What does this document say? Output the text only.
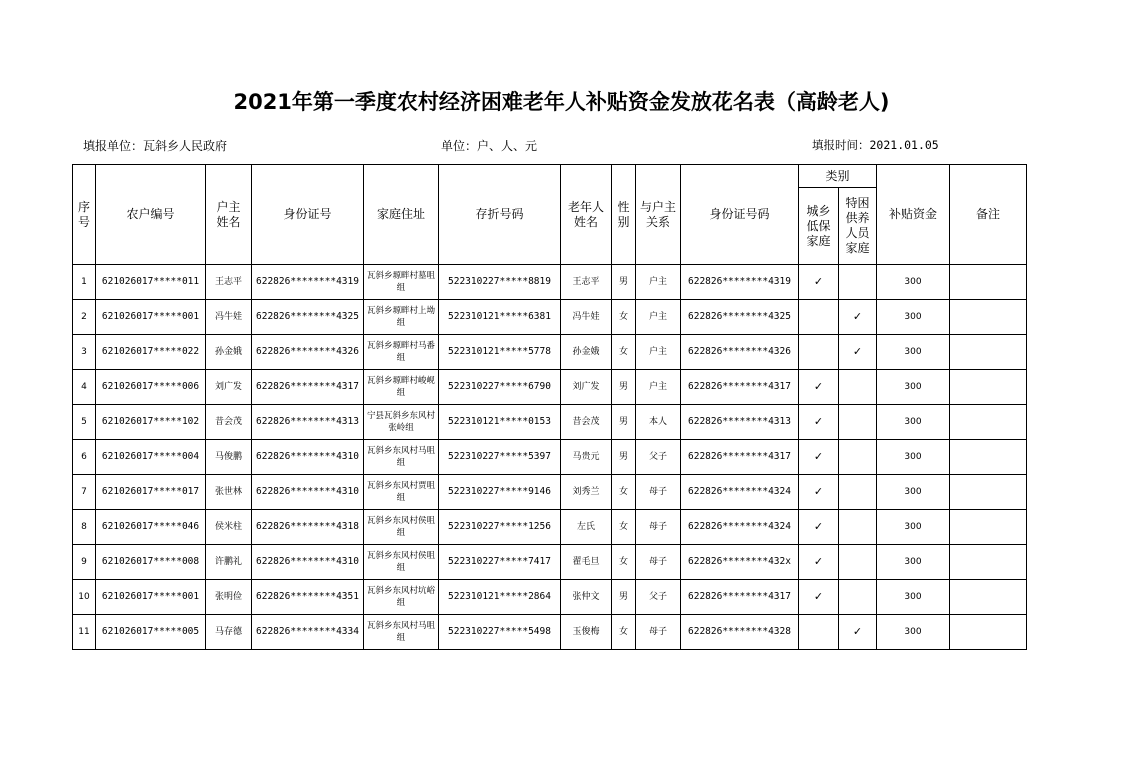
2021年第一季度农村经济困难老年人补贴资金发放花名表（高龄老人)
填报单位：瓦斜乡人民政府	单位：户、人、元	填报时间：2021.01.05
序号	农户编号	户主姓名	身份证号	家庭住址	存折号码	老年人姓名	性别	与户主关系	身份证号码	类别		补贴资金	备注
										城乡低保家庭	特困供养人员家庭		
1	621026017*****011	王志平	622826********4319	瓦斜乡塬畔村墓咀组	522310227*****8819	王志平	男	户主	622826********4319	✓		300	
2	621026017*****001	冯牛娃	622826********4325	瓦斜乡塬畔村上坳组	522310121*****6381	冯牛娃	女	户主	622826********4325		✓	300	
3	621026017*****022	孙金娥	622826********4326	瓦斜乡塬畔村马番组	522310121*****5778	孙金娥	女	户主	622826********4326		✓	300	
4	621026017*****006	刘广发	622826********4317	瓦斜乡塬畔村峻岘组	522310227*****6790	刘广发	男	户主	622826********4317	✓		300	
5	621026017*****102	昔会茂	622826********4313	宁县瓦斜乡东风村张岭组	522310121*****0153	昔会茂	男	本人	622826********4313	✓		300	
6	621026017*****004	马俊鹏	622826********4310	瓦斜乡东风村马咀组	522310227*****5397	马贵元	男	父子	622826********4317	✓		300	
7	621026017*****017	张世林	622826********4310	瓦斜乡东风村贾咀组	522310227*****9146	刘秀兰	女	母子	622826********4324	✓		300	
8	621026017*****046	侯米柱	622826********4318	瓦斜乡东风村侯咀组	522310227*****1256	左氏	女	母子	622826********4324	✓		300	
9	621026017*****008	许鹏礼	622826********4310	瓦斜乡东风村侯咀组	522310227*****7417	翟毛旦	女	母子	622826********432x	✓		300	
10	621026017*****001	张明俭	622826********4351	瓦斜乡东风村坑峪组	522310121*****2864	张仲文	男	父子	622826********4317	✓		300	
11	621026017*****005	马存德	622826********4334	瓦斜乡东风村马咀组	522310227*****5498	玉俊梅	女	母子	622826********4328		✓	300	
